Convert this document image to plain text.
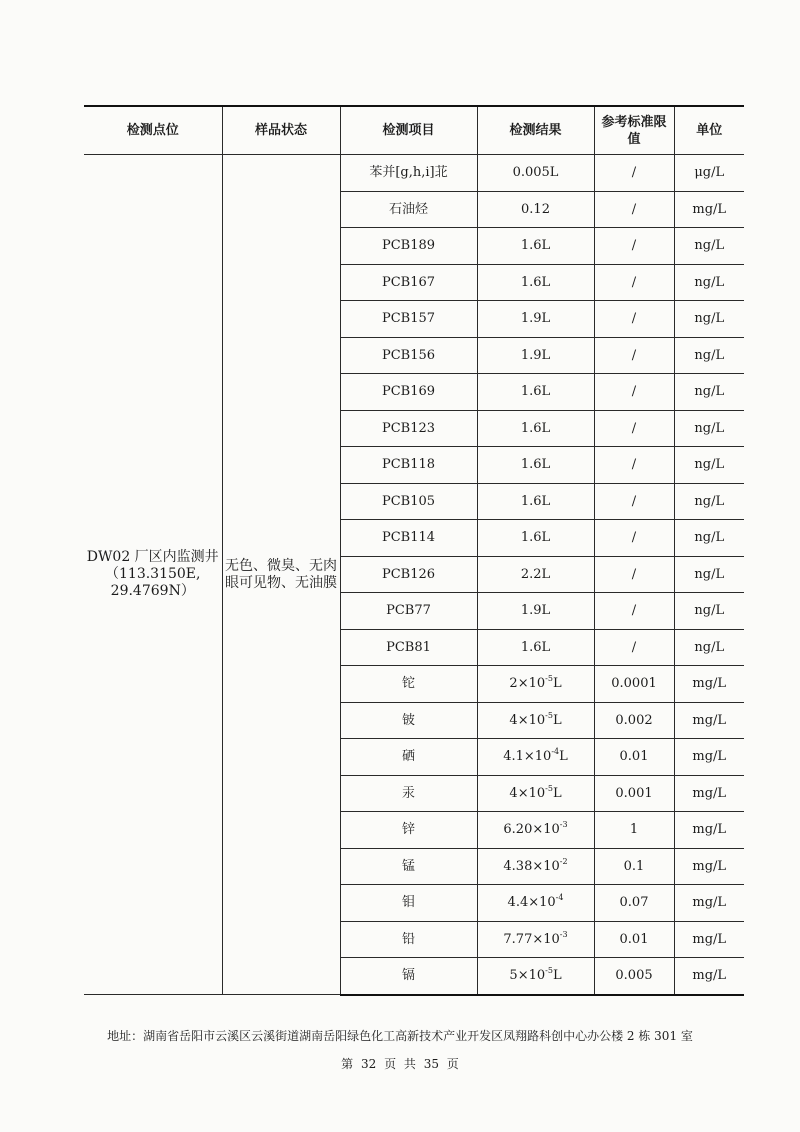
检测点位	样品状态	检测项目	检测结果	参考标准限值	单位
DW02 厂区内监测井（113.3150E, 29.4769N）	无色、微臭、无肉眼可见物、无油膜	苯并[g,h,i]苝	0.005L	/	μg/L
		石油烃	0.12	/	mg/L
		PCB189	1.6L	/	ng/L
		PCB167	1.6L	/	ng/L
		PCB157	1.9L	/	ng/L
		PCB156	1.9L	/	ng/L
		PCB169	1.6L	/	ng/L
		PCB123	1.6L	/	ng/L
		PCB118	1.6L	/	ng/L
		PCB105	1.6L	/	ng/L
		PCB114	1.6L	/	ng/L
		PCB126	2.2L	/	ng/L
		PCB77	1.9L	/	ng/L
		PCB81	1.6L	/	ng/L
		铊	$2\times 10^{-5}L$	0.0001	mg/L
		铍	$4\times 10^{-5}L$	0.002	mg/L
		硒	$4.1\times 10^{-4}L$	0.01	mg/L
		汞	$4\times 10^{-5}L$	0.001	mg/L
		锌	$6.20\times 10^{-3}$	1	mg/L
		锰	$4.38\times 10^{-2}$	0.1	mg/L
		钼	$4.4\times 10^{-4}$	0.07	mg/L
		铅	$7.77\times 10^{-3}$	0.01	mg/L
		镉	$5\times 10^{-5}L$	0.005	mg/L
地址：湖南省岳阳市云溪区云溪街道湖南岳阳绿色化工高新技术产业开发区凤翔路科创中心办公楼 2 栋 301 室
第 32 页 共 35 页
